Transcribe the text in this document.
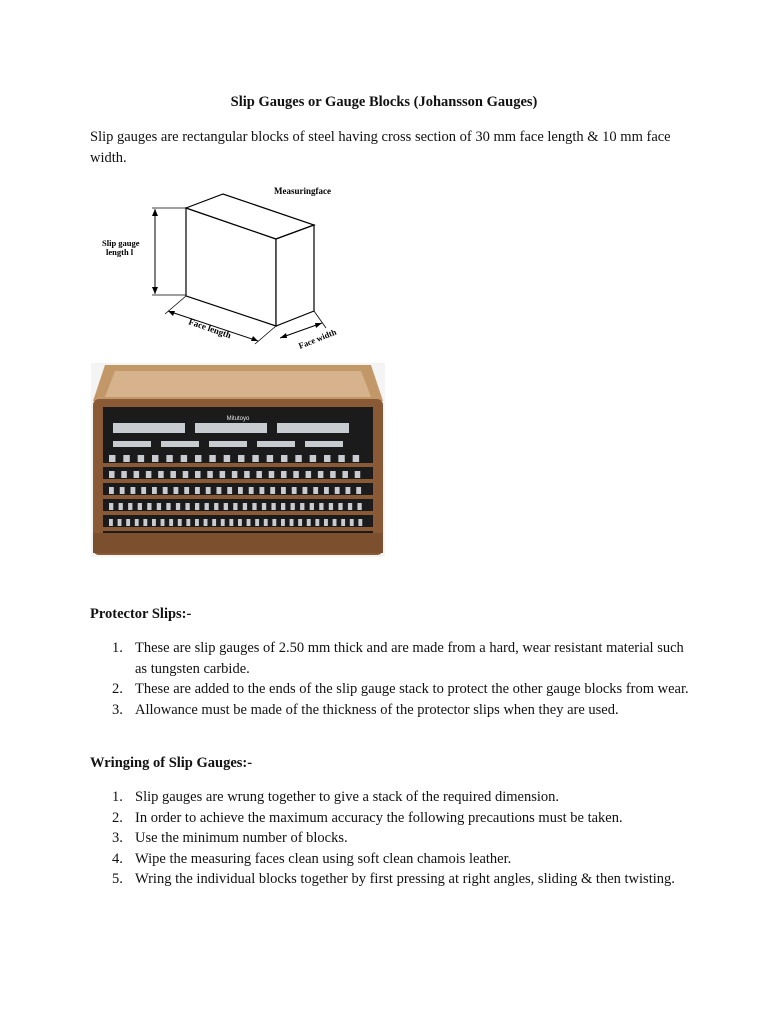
Slip Gauges or Gauge Blocks (Johansson Gauges)
Slip gauges are rectangular blocks of steel having cross section of 30 mm face length & 10 mm face width.
Measuringface
Slip gauge
length l
Face length	Face width
Mitutoyo
Protector Slips:-
1. These are slip gauges of 2.50 mm thick and are made from a hard, wear resistant material such as tungsten carbide.
2. These are added to the ends of the slip gauge stack to protect the other gauge blocks from wear.
3. Allowance must be made of the thickness of the protector slips when they are used.
Wringing of Slip Gauges:-
1. Slip gauges are wrung together to give a stack of the required dimension.
2. In order to achieve the maximum accuracy the following precautions must be taken.
3. Use the minimum number of blocks.
4. Wipe the measuring faces clean using soft clean chamois leather.
5. Wring the individual blocks together by first pressing at right angles, sliding & then twisting.
